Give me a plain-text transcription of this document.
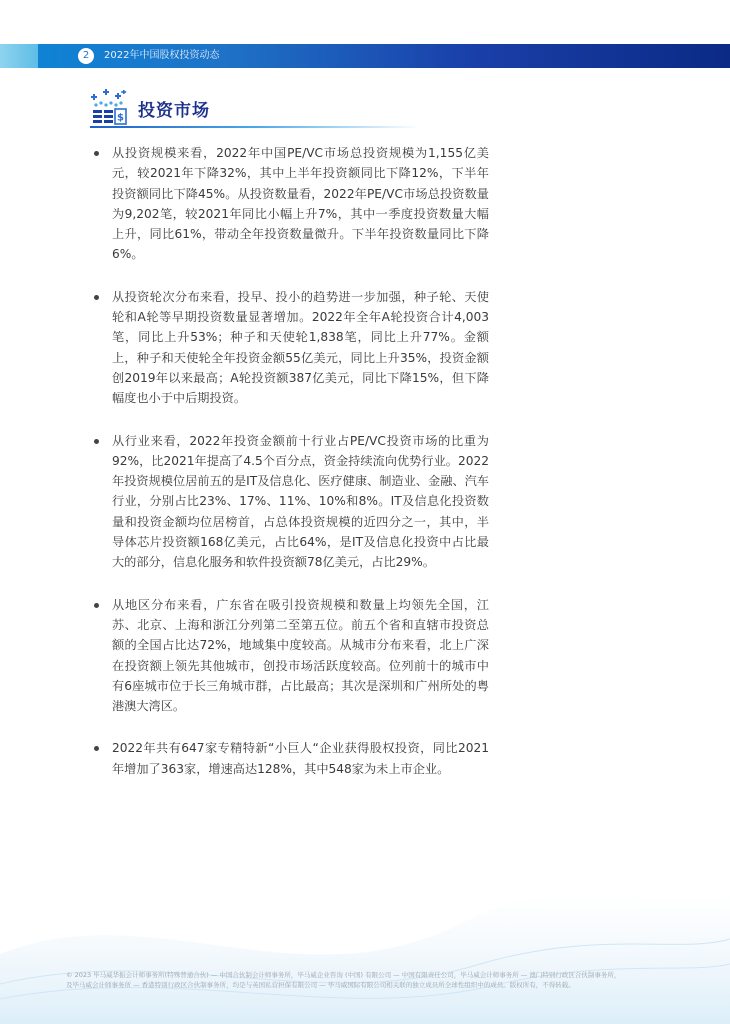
2	2022年中国股权投资动态
$ 投资市场
从投资规模来看，2022年中国PE/VC市场总投资规模为1,155亿美元，较2021年下降32%，其中上半年投资额同比下降12%，下半年投资额同比下降45%。从投资数量看，2022年PE/VC市场总投资数量为9,202笔，较2021年同比小幅上升7%，其中一季度投资数量大幅上升，同比61%，带动全年投资数量微升。下半年投资数量同比下降6%。
从投资轮次分布来看，投早、投小的趋势进一步加强，种子轮、天使轮和A轮等早期投资数量显著增加。2022年全年A轮投资合计4,003笔，同比上升53%；种子和天使轮1,838笔，同比上升77%。金额上，种子和天使轮全年投资金额55亿美元，同比上升35%，投资金额创2019年以来最高；A轮投资额387亿美元，同比下降15%，但下降幅度也小于中后期投资。
从行业来看，2022年投资金额前十行业占PE/VC投资市场的比重为92%，比2021年提高了4.5个百分点，资金持续流向优势行业。2022年投资规模位居前五的是IT及信息化、医疗健康、制造业、金融、汽车行业，分别占比23%、17%、11%、10%和8%。IT及信息化投资数量和投资金额均位居榜首，占总体投资规模的近四分之一，其中，半导体芯片投资额168亿美元，占比64%，是IT及信息化投资中占比最大的部分，信息化服务和软件投资额78亿美元，占比29%。
从地区分布来看，广东省在吸引投资规模和数量上均领先全国，江苏、北京、上海和浙江分列第二至第五位。前五个省和直辖市投资总额的全国占比达72%，地域集中度较高。从城市分布来看，北上广深在投资额上领先其他城市，创投市场活跃度较高。位列前十的城市中有6座城市位于长三角城市群，占比最高；其次是深圳和广州所处的粤港澳大湾区。
2022年共有647家专精特新“小巨人“企业获得股权投资，同比2021年增加了363家，增速高达128%，其中548家为未上市企业。
© 2023 毕马威华振会计师事务所(特殊普通合伙) — 中国合伙制会计师事务所，毕马威企业咨询 (中国) 有限公司 — 中国有限责任公司，毕马威会计师事务所 — 澳门特别行政区合伙制事务所，
及毕马威会计师事务所 — 香港特别行政区合伙制事务所，均是与英国私营担保有限公司 — 毕马威国际有限公司相关联的独立成员所全球性组织中的成员。版权所有，不得转载。
